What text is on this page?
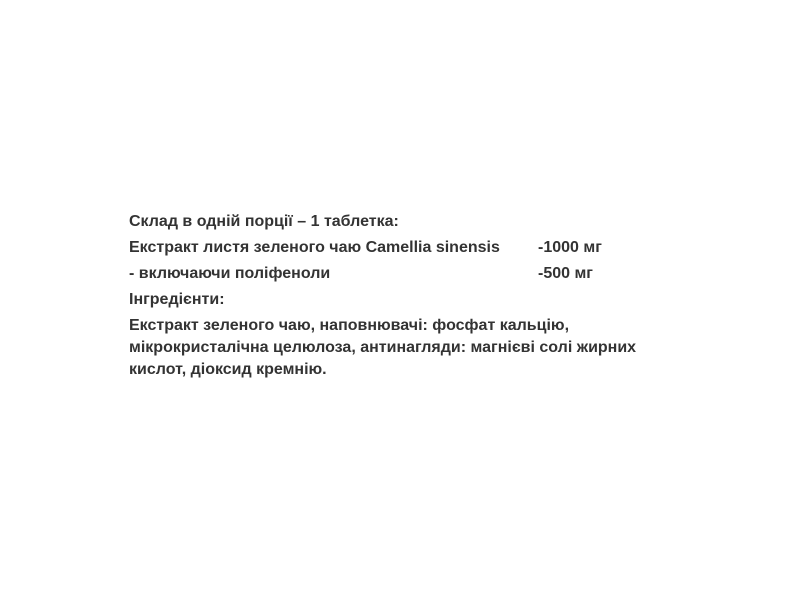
Склад в одній порції – 1 таблетка:
Екстракт листя зеленого чаю Camellia sinensis	-1000 мг
- включаючи поліфеноли	-500 мг
Інгредієнти:
Екстракт зеленого чаю, наповнювачі: фосфат кальцію,
мікрокристалічна целюлоза, антинагляди: магнієві солі жирних
кислот, діоксид кремнію.
